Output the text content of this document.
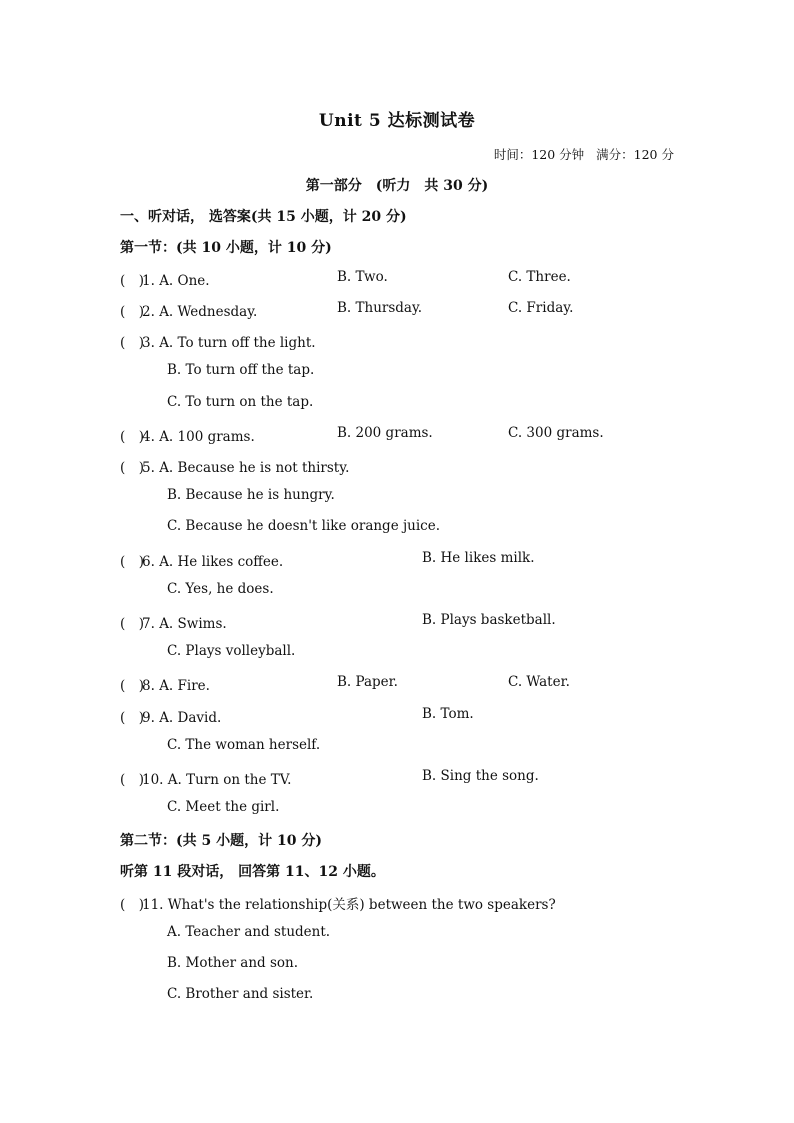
Unit 5 达标测试卷
时间：120 分钟 满分：120 分
第一部分　(听力　共 30 分)
一、听对话， 选答案(共 15 小题，计 20 分)
第一节：(共 10 小题，计 10 分)
(　)1. A. One.	B. Two.	C. Three.
(　)2. A. Wednesday.	B. Thursday.	C. Friday.
(　)3. A. To turn off the light.
B. To turn off the tap.
C. To turn on the tap.
(　)4. A. 100 grams.	B. 200 grams.	C. 300 grams.
(　)5. A. Because he is not thirsty.
B. Because he is hungry.
C. Because he doesn't like orange juice.
(　)6. A. He likes coffee.	B. He likes milk.
C. Yes, he does.
(　)7. A. Swims.	B. Plays basketball.
C. Plays volleyball.
(　)8. A. Fire.	B. Paper.	C. Water.
(　)9. A. David.	B. Tom.
C. The woman herself.
(　)10. A. Turn on the TV.	B. Sing the song.
C. Meet the girl.
第二节：(共 5 小题，计 10 分)
听第 11 段对话， 回答第 11、12 小题。
(　)11. What's the relationship(关系) between the two speakers?
A. Teacher and student.
B. Mother and son.
C. Brother and sister.
